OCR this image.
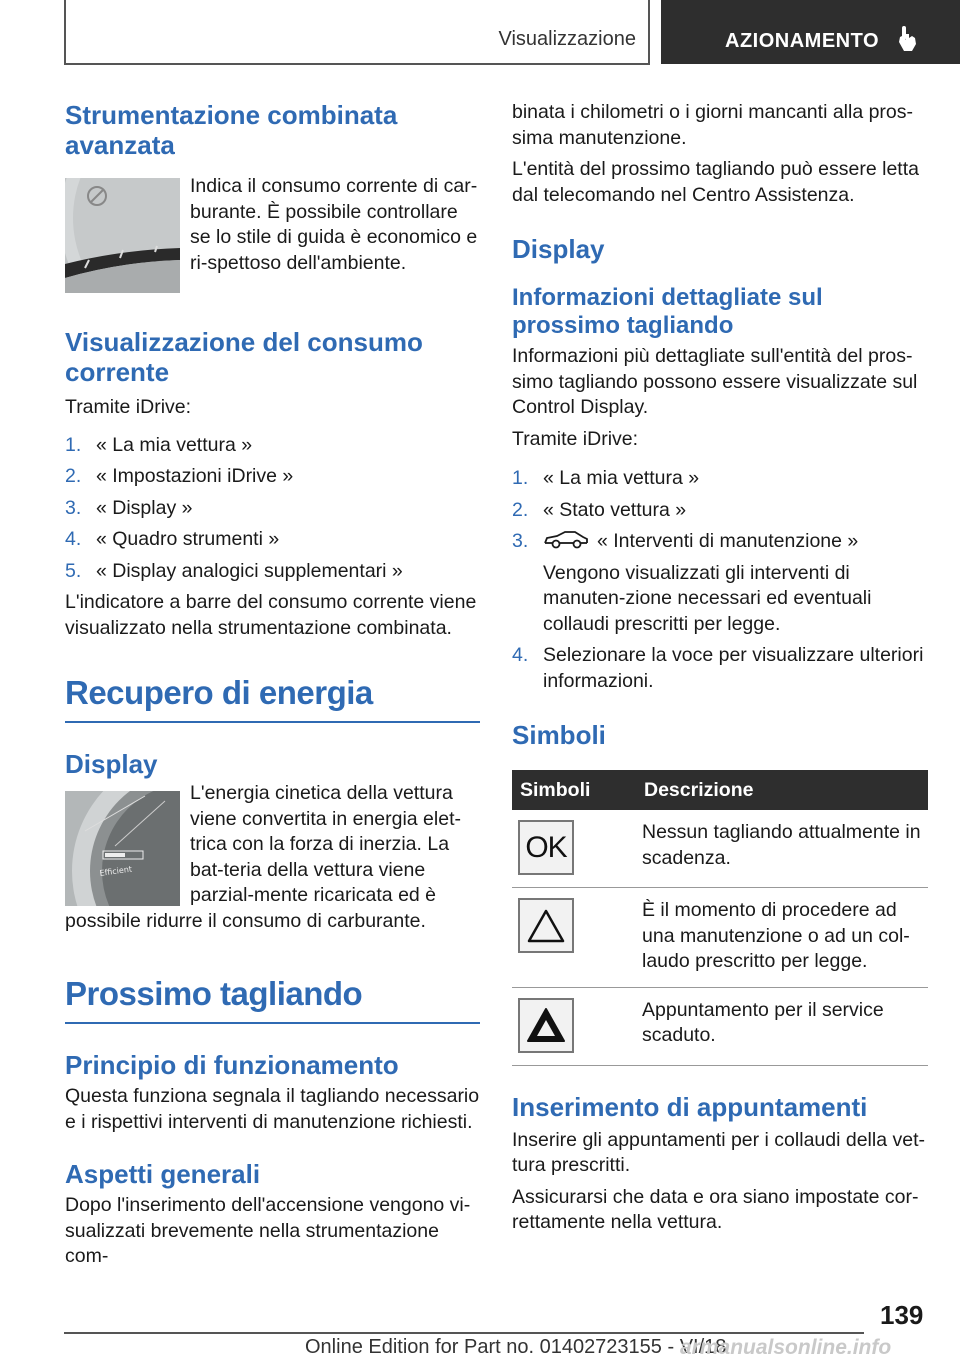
Visualizzazione	AZIONAMENTO
Strumentazione combinata avanzata
Indica il consumo corrente di car-burante. È possibile controllare se lo stile di guida è economico e ri-spettoso dell'ambiente.
Visualizzazione del consumo corrente
Tramite iDrive:
1. « La mia vettura »
2. « Impostazioni iDrive »
3. « Display »
4. « Quadro strumenti »
5. « Display analogici supplementari »
L'indicatore a barre del consumo corrente viene visualizzato nella strumentazione combinata.
Recupero di energia
Display
Efficient
L'energia cinetica della vettura viene convertita in energia elet-trica con la forza di inerzia. La bat-teria della vettura viene parzial-mente ricaricata ed è possibile ridurre il consumo di carburante.
Prossimo tagliando
Principio di funzionamento
Questa funziona segnala il tagliando necessario e i rispettivi interventi di manutenzione richiesti.
Aspetti generali
Dopo l'inserimento dell'accensione vengono vi-sualizzati brevemente nella strumentazione com-
binata i chilometri o i giorni mancanti alla pros-sima manutenzione.
L'entità del prossimo tagliando può essere letta dal telecomando nel Centro Assistenza.
Display
Informazioni dettagliate sul prossimo tagliando
Informazioni più dettagliate sull'entità del pros-simo tagliando possono essere visualizzate sul Control Display.
Tramite iDrive:
1. « La mia vettura »
2. « Stato vettura »
3.	« Interventi di manutenzione »
Vengono visualizzati gli interventi di manuten-zione necessari ed eventuali collaudi prescritti per legge.
4. Selezionare la voce per visualizzare ulteriori informazioni.
Simboli
Simboli	Descrizione

OK	Nessun tagliando attualmente in scadenza.

	È il momento di procedere ad una manutenzione o ad un col-laudo prescritto per legge.

	Appuntamento per il service scaduto.
Inserimento di appuntamenti
Inserire gli appuntamenti per i collaudi della vet-tura prescritti.
Assicurarsi che data e ora siano impostate cor-rettamente nella vettura.
139
Online Edition for Part no. 01402723155 - VI/18
armanualsonline.info
